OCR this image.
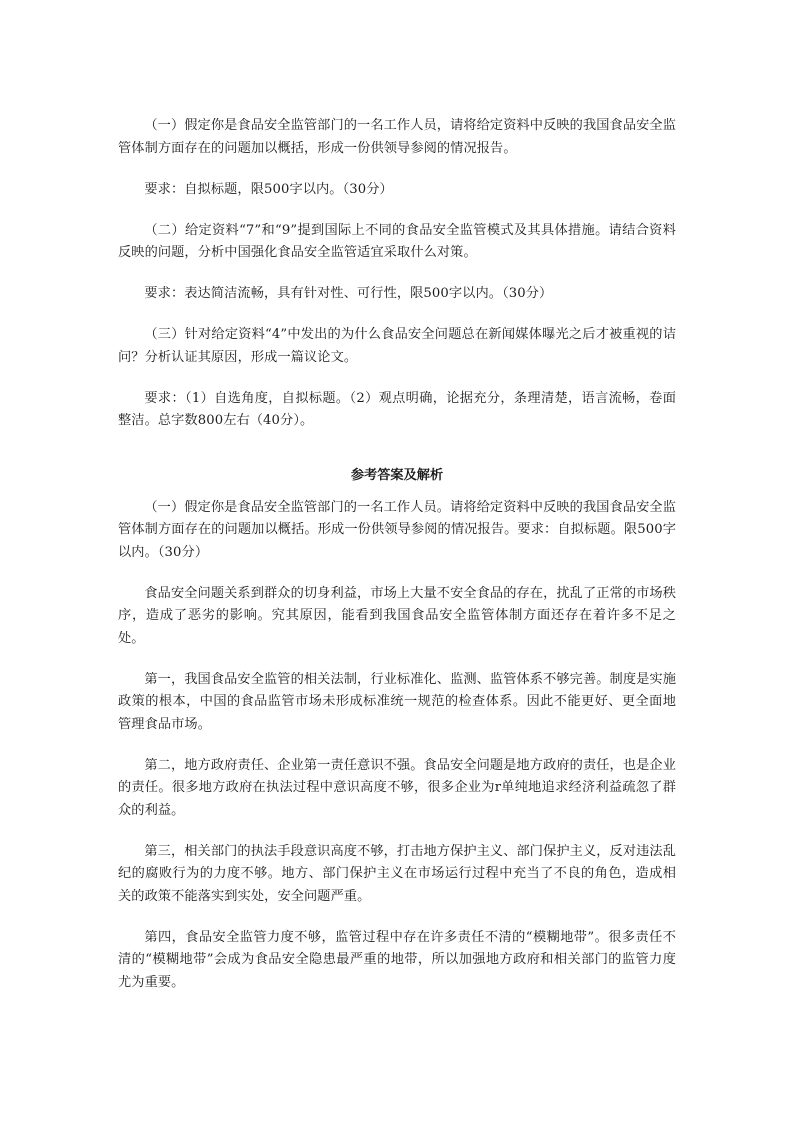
（一）假定你是食品安全监管部门的一名工作人员，请将给定资料中反映的我国食品安全监管体制方面存在的问题加以概括，形成一份供领导参阅的情况报告。

要求：自拟标题，限500字以内。（30分）

（二）给定资料“7”和“9”提到国际上不同的食品安全监管模式及其具体措施。请结合资料反映的问题，分析中国强化食品安全监管适宜采取什么对策。

要求：表达简洁流畅，具有针对性、可行性，限500字以内。（30分）

（三）针对给定资料“4”中发出的为什么食品安全问题总在新闻媒体曝光之后才被重视的诘问？分析认证其原因，形成一篇议论文。

要求：（1）自选角度，自拟标题。（2）观点明确，论据充分，条理清楚，语言流畅，卷面整洁。总字数800左右（40分）。

参考答案及解析

（一）假定你是食品安全监管部门的一名工作人员。请将给定资料中反映的我国食品安全监管体制方面存在的问题加以概括。形成一份供领导参阅的情况报告。要求：自拟标题。限500字以内。（30分）

食品安全问题关系到群众的切身利益，市场上大量不安全食品的存在，扰乱了正常的市场秩序，造成了恶劣的影响。究其原因，能看到我国食品安全监管体制方面还存在着许多不足之处。

第一，我国食品安全监管的相关法制，行业标准化、监测、监管体系不够完善。制度是实施政策的根本，中国的食品监管市场未形成标准统一规范的检查体系。因此不能更好、更全面地管理食品市场。

第二，地方政府责任、企业第一责任意识不强。食品安全问题是地方政府的责任，也是企业的责任。很多地方政府在执法过程中意识高度不够，很多企业为r单纯地追求经济利益疏忽了群众的利益。

第三，相关部门的执法手段意识高度不够，打击地方保护主义、部门保护主义，反对违法乱纪的腐败行为的力度不够。地方、部门保护主义在市场运行过程中充当了不良的角色，造成相关的政策不能落实到实处，安全问题严重。

第四，食品安全监管力度不够，监管过程中存在许多责任不清的“模糊地带”。很多责任不清的“模糊地带”会成为食品安全隐患最严重的地带，所以加强地方政府和相关部门的监管力度尤为重要。
